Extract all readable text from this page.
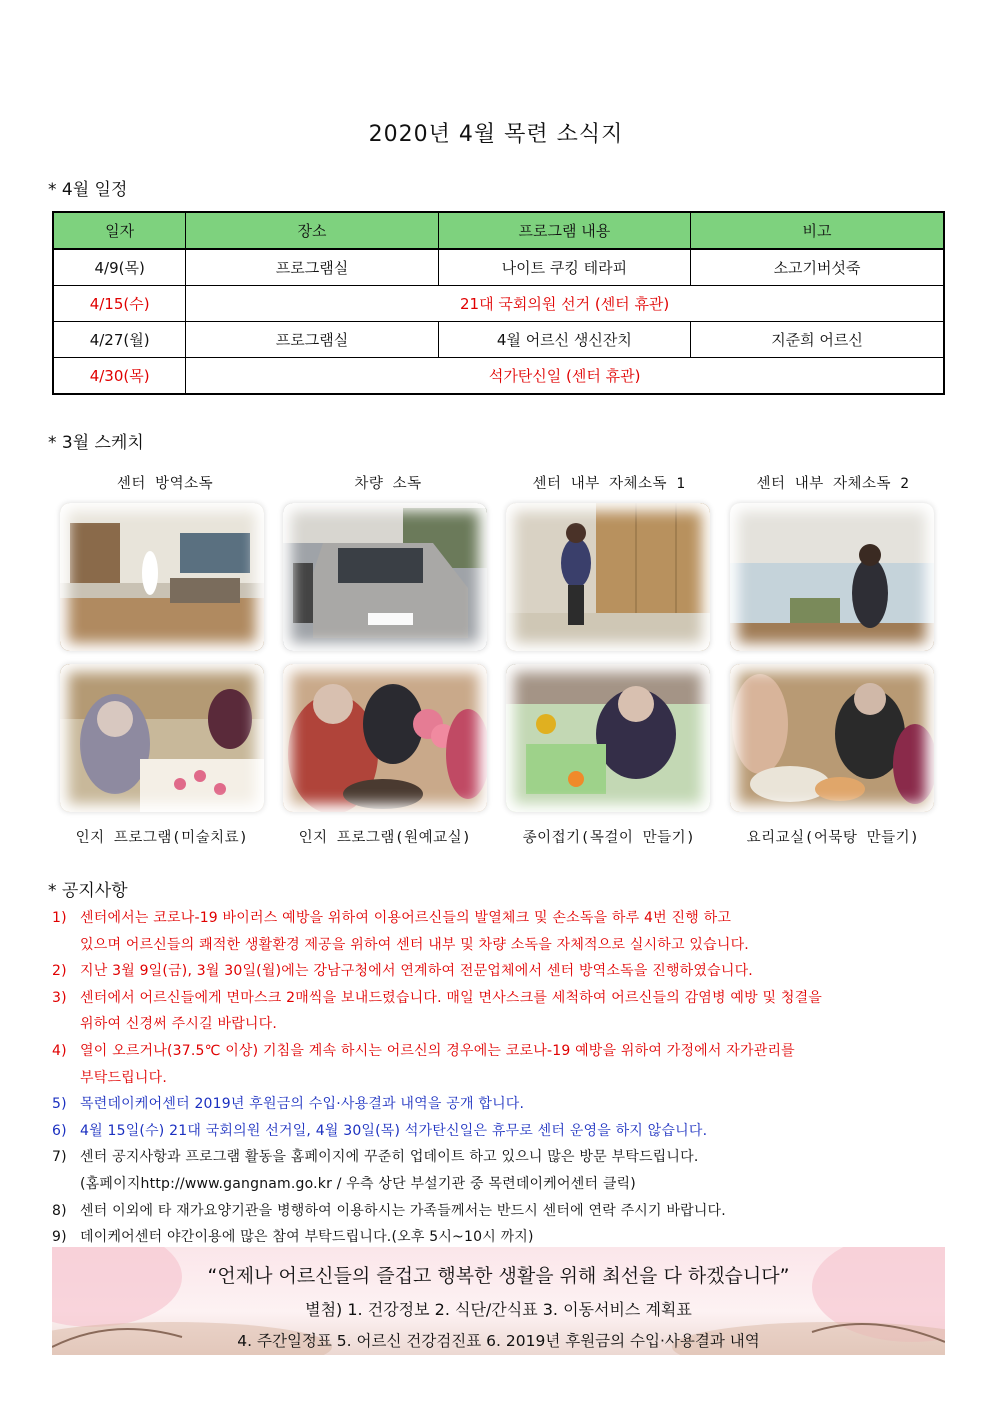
2020년 4월 목련 소식지
* 4월 일정
일자	장소	프로그램 내용	비고
4/9(목)	프로그램실	나이트 쿠킹 테라피	소고기버섯죽
4/15(수)	21대 국회의원 선거 (센터 휴관)		
4/27(월)	프로그램실	4월 어르신 생신잔치	지준희 어르신
4/30(목)	석가탄신일 (센터 휴관)		
* 3월 스케치
센터 방역소독	차량 소독	센터 내부 자체소독 1	센터 내부 자체소독 2
인지 프로그램(미술치료)	인지 프로그램(원예교실)	종이접기(목걸이 만들기)	요리교실(어묵탕 만들기)
* 공지사항
1) 센터에서는 코로나-19 바이러스 예방을 위하여 이용어르신들의 발열체크 및 손소독을 하루 4번 진행 하고
있으며 어르신들의 쾌적한 생활환경 제공을 위하여 센터 내부 및 차량 소독을 자체적으로 실시하고 있습니다.
2) 지난 3월 9일(금), 3월 30일(월)에는 강남구청에서 연계하여 전문업체에서 센터 방역소독을 진행하였습니다.
3) 센터에서 어르신들에게 면마스크 2매씩을 보내드렸습니다. 매일 면사스크를 세척하여 어르신들의 감염병 예방 및 청결을
위하여 신경써 주시길 바랍니다.
4) 열이 오르거나(37.5℃ 이상) 기침을 계속 하시는 어르신의 경우에는 코로나-19 예방을 위하여 가정에서 자가관리를
부탁드립니다.
5) 목련데이케어센터 2019년 후원금의 수입·사용결과 내역을 공개 합니다.
6) 4월 15일(수) 21대 국회의원 선거일, 4월 30일(목) 석가탄신일은 휴무로 센터 운영을 하지 않습니다.
7) 센터 공지사항과 프로그램 활동을 홈페이지에 꾸준히 업데이트 하고 있으니 많은 방문 부탁드립니다.
(홈페이지http://www.gangnam.go.kr / 우측 상단 부설기관 중 목련데이케어센터 클릭)
8) 센터 이외에 타 재가요양기관을 병행하여 이용하시는 가족들께서는 반드시 센터에 연락 주시기 바랍니다.
9) 데이케어센터 야간이용에 많은 참여 부탁드립니다.(오후 5시~10시 까지)
“언제나 어르신들의 즐겁고 행복한 생활을 위해 최선을 다 하겠습니다”
별첨) 1. 건강정보 2. 식단/간식표 3. 이동서비스 계획표
4. 주간일정표 5. 어르신 건강검진표 6. 2019년 후원금의 수입·사용결과 내역
